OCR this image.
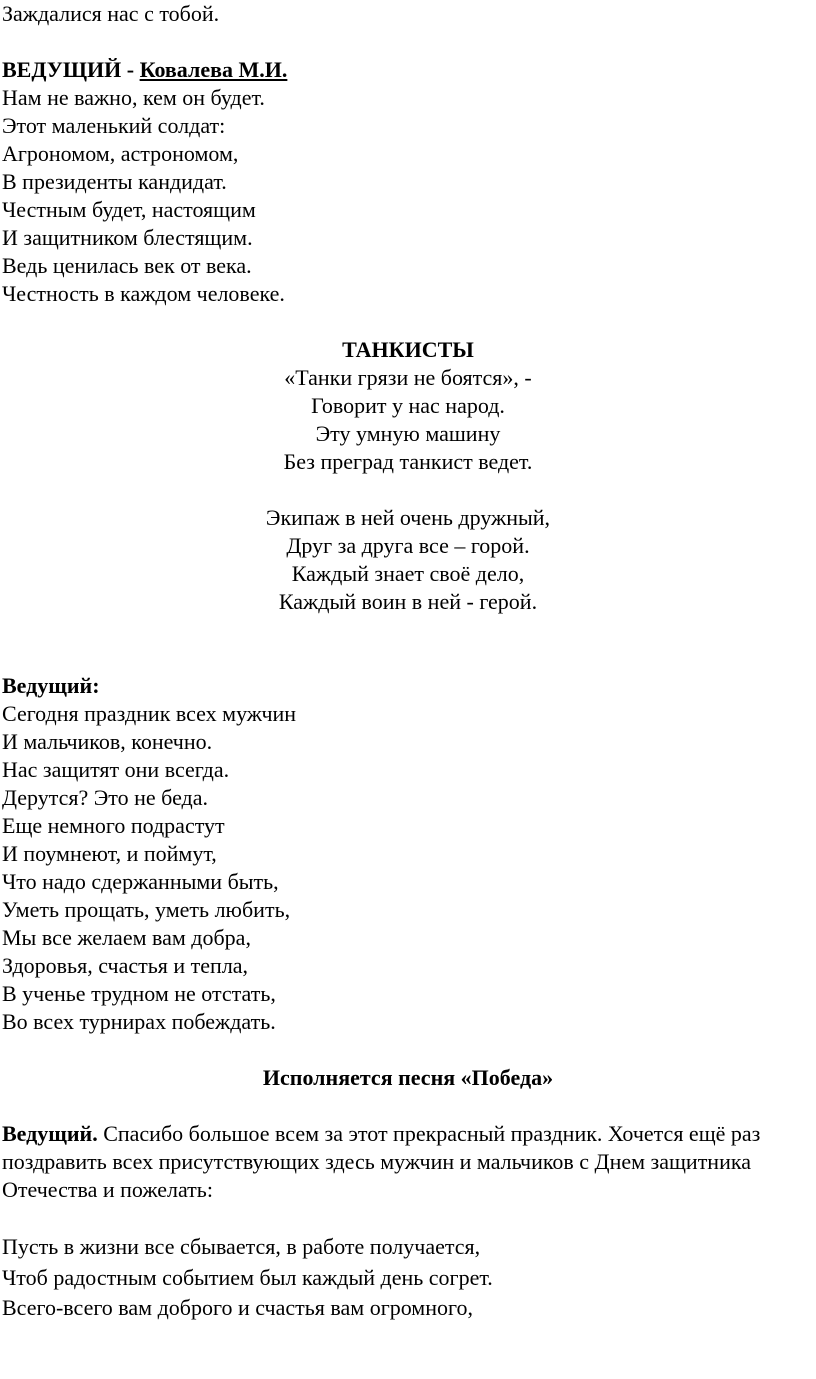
Заждалися нас с тобой.
ВЕДУЩИЙ - Ковалева М.И.
Нам не важно, кем он будет.
Этот маленький солдат:
Агрономом, астрономом,
В президенты кандидат.
Честным будет, настоящим
И защитником блестящим.
Ведь ценилась век от века.
Честность в каждом человеке.
ТАНКИСТЫ
«Танки грязи не боятся», -
Говорит у нас народ.
Эту умную машину
Без преград танкист ведет.
Экипаж в ней очень дружный,
Друг за друга все – горой.
Каждый знает своё дело,
Каждый воин в ней - герой.
Ведущий:
Сегодня праздник всех мужчин
И мальчиков, конечно.
Нас защитят они всегда.
Дерутся? Это не беда.
Еще немного подрастут
И поумнеют, и поймут,
Что надо сдержанными быть,
Уметь прощать, уметь любить,
Мы все желаем вам добра,
Здоровья, счастья и тепла,
В ученье трудном не отстать,
Во всех турнирах побеждать.
Исполняется песня «Победа»
Ведущий. Спасибо большое всем за этот прекрасный праздник. Хочется ещё раз поздравить всех присутствующих здесь мужчин и мальчиков с Днем защитника Отечества и пожелать:
Пусть в жизни все сбывается, в работе получается,
Чтоб радостным событием был каждый день согрет.
Всего-всего вам доброго и счастья вам огромного,
